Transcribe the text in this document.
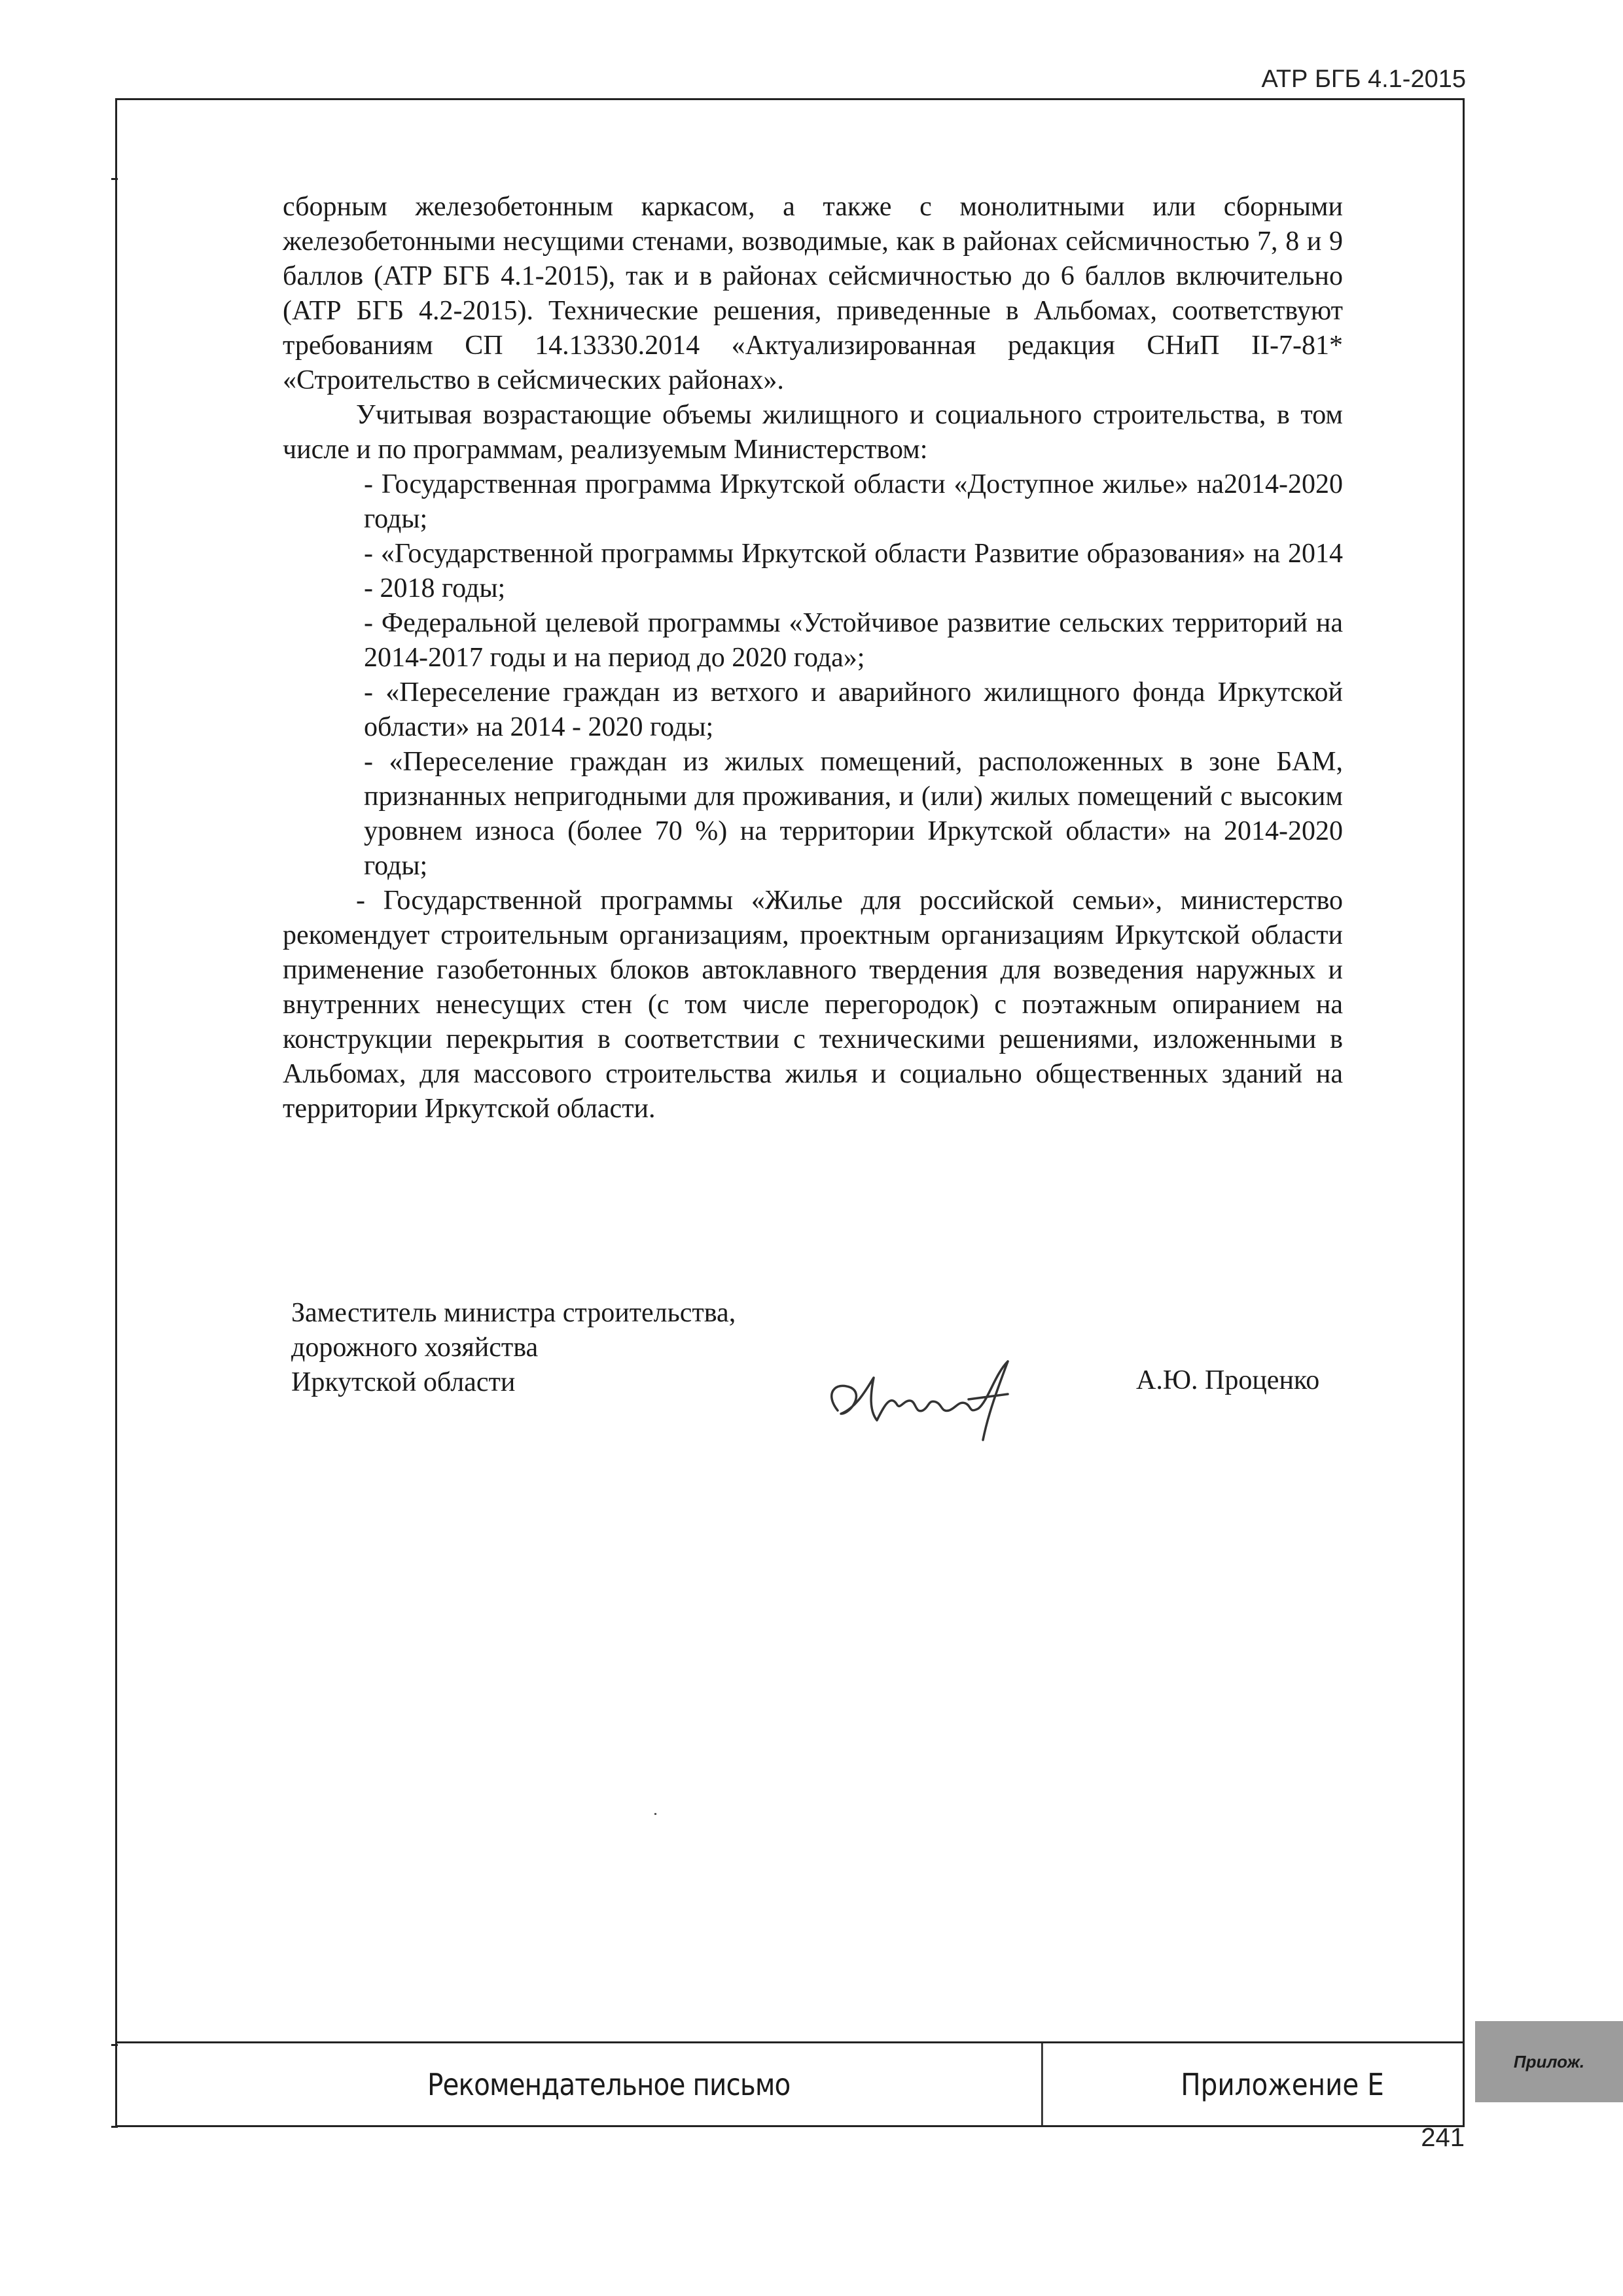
АТР БГБ 4.1-2015
Рекомендательное письмо	Приложение Е
Прилож.

сборным железобетонным каркасом, а также с монолитными или сборными железобетонными несущими стенами, возводимые, как в районах сейсмичностью 7, 8 и 9 баллов (АТР БГБ 4.1-2015), так и в районах сейсмичностью до 6 баллов включительно (АТР БГБ 4.2-2015). Технические решения, приведенные в Альбомах, соответствуют требованиям СП 14.13330.2014 «Актуализированная редакция СНиП II-7-81* «Строительство в сейсмических районах».

Учитывая возрастающие объемы жилищного и социального строительства, в том числе и по программам, реализуемым Министерством:

- Государственная программа Иркутской области «Доступное жилье» на2014-2020 годы;

- «Государственной программы Иркутской области Развитие образования» на 2014 - 2018 годы;

- Федеральной целевой программы «Устойчивое развитие сельских территорий на 2014-2017 годы и на период до 2020 года»;

- «Переселение граждан из ветхого и аварийного жилищного фонда Иркутской области» на 2014 - 2020 годы;

- «Переселение граждан из жилых помещений, расположенных в зоне БАМ, признанных непригодными для проживания, и (или) жилых помещений с высоким уровнем износа (более 70 %) на территории Иркутской области» на 2014-2020 годы;

- Государственной программы «Жилье для российской семьи», министерство рекомендует строительным организациям, проектным организациям Иркутской области применение газобетонных блоков автоклавного твердения для возведения наружных и внутренних ненесущих стен (с том числе перегородок) с поэтажным опиранием на конструкции перекрытия в соответствии с техническими решениями, изложенными в Альбомах, для массового строительства жилья и социально общественных зданий на территории Иркутской области.

Заместитель министра строительства,
дорожного хозяйства
Иркутской области	А.Ю. Проценко
241
